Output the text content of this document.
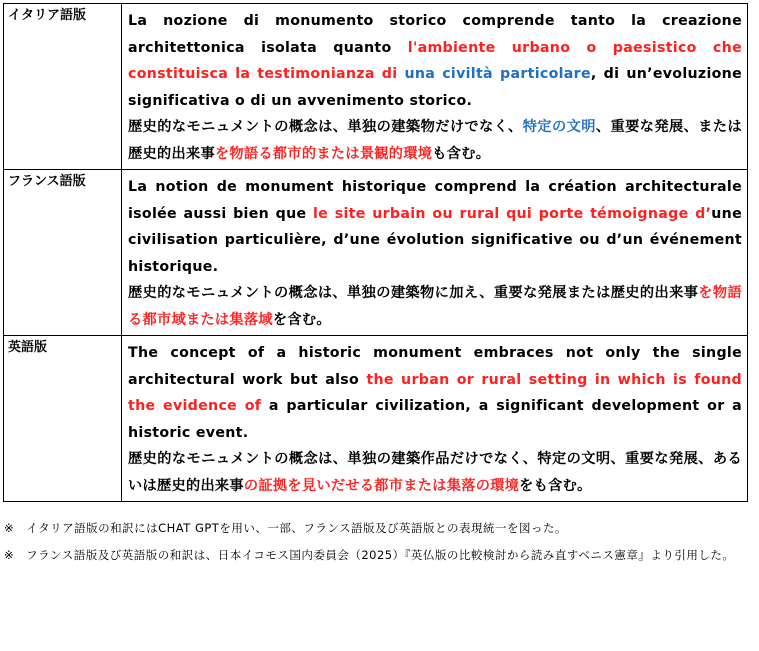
イタリア語版	La nozione di monumento storico comprende tanto la creazione architettonica isolata quanto l'ambiente urbano o paesistico che constituisca la testimonianza di una civiltà particolare, di un’evoluzione significativa o di un avvenimento storico.

歴史的なモニュメントの概念は、単独の建築物だけでなく、特定の文明、重要な発展、または歴史的出来事を物語る都市的または景観的環境も含む。

フランス語版	La notion de monument historique comprend la création architecturale isolée aussi bien que le site urbain ou rural qui porte témoignage d’une civilisation particulière, d’une évolution significative ou d’un événement historique.

歴史的なモニュメントの概念は、単独の建築物に加え、重要な発展または歴史的出来事を物語る都市域または集落域を含む。

英語版	The concept of a historic monument embraces not only the single architectural work but also the urban or rural setting in which is found the evidence of a particular civilization, a significant development or a historic event.

歴史的なモニュメントの概念は、単独の建築作品だけでなく、特定の文明、重要な発展、あるいは歴史的出来事の証拠を見いだせる都市または集落の環境をも含む。

※　イタリア語版の和訳にはCHAT GPTを用い、一部、フランス語版及び英語版との表現統一を図った。

※　フランス語版及び英語版の和訳は、日本イコモス国内委員会（2025）『英仏版の比較検討から読み直すベニス憲章』より引用した。
